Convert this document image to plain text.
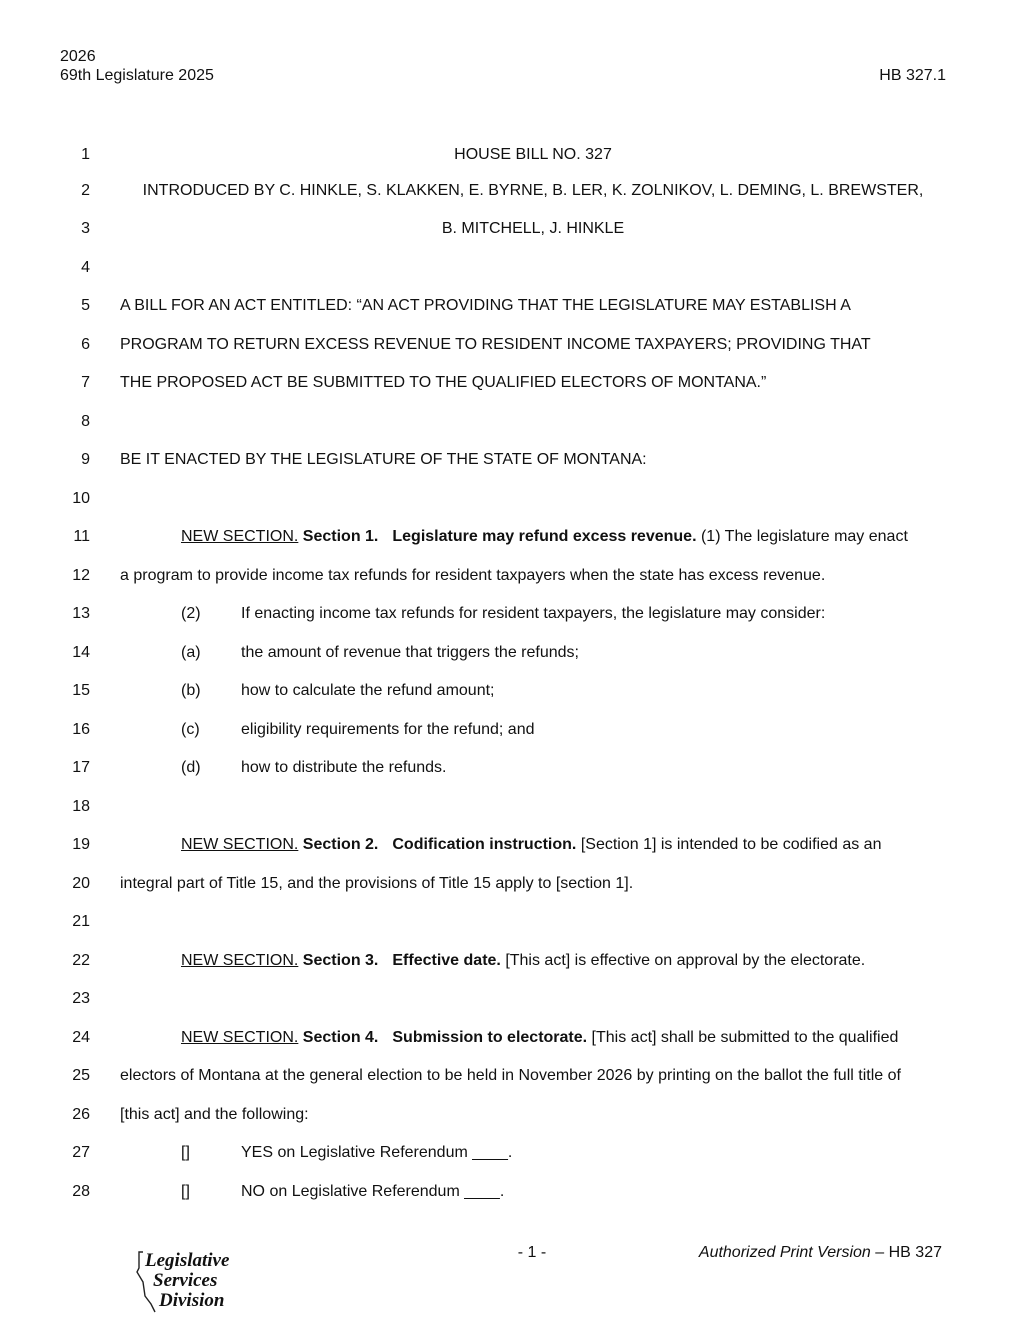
2026
69th Legislature 2025	HB 327.1
1	HOUSE BILL NO. 327
2	INTRODUCED BY C. HINKLE, S. KLAKKEN, E. BYRNE, B. LER, K. ZOLNIKOV, L. DEMING, L. BREWSTER,
3	B. MITCHELL, J. HINKLE
4
5 A BILL FOR AN ACT ENTITLED: “AN ACT PROVIDING THAT THE LEGISLATURE MAY ESTABLISH A
6 PROGRAM TO RETURN EXCESS REVENUE TO RESIDENT INCOME TAXPAYERS; PROVIDING THAT
7 THE PROPOSED ACT BE SUBMITTED TO THE QUALIFIED ELECTORS OF MONTANA.”
8
9 BE IT ENACTED BY THE LEGISLATURE OF THE STATE OF MONTANA:
10
11	NEW SECTION. Section 1. Legislature may refund excess revenue. (1) The legislature may enact
12 a program to provide income tax refunds for resident taxpayers when the state has excess revenue.
13	(2)	If enacting income tax refunds for resident taxpayers, the legislature may consider:
14	(a)	the amount of revenue that triggers the refunds;
15	(b)	how to calculate the refund amount;
16	(c)	eligibility requirements for the refund; and
17	(d)	how to distribute the refunds.
18
19	NEW SECTION. Section 2. Codification instruction. [Section 1] is intended to be codified as an
20 integral part of Title 15, and the provisions of Title 15 apply to [section 1].
21
22	NEW SECTION. Section 3. Effective date. [This act] is effective on approval by the electorate.
23
24	NEW SECTION. Section 4. Submission to electorate. [This act] shall be submitted to the qualified
25 electors of Montana at the general election to be held in November 2026 by printing on the ballot the full title of
26 [this act] and the following:
27	[]	YES on Legislative Referendum ____.
28	[]	NO on Legislative Referendum ____.
- 1 -	Authorized Print Version – HB 327
Legislative
Services
Division
